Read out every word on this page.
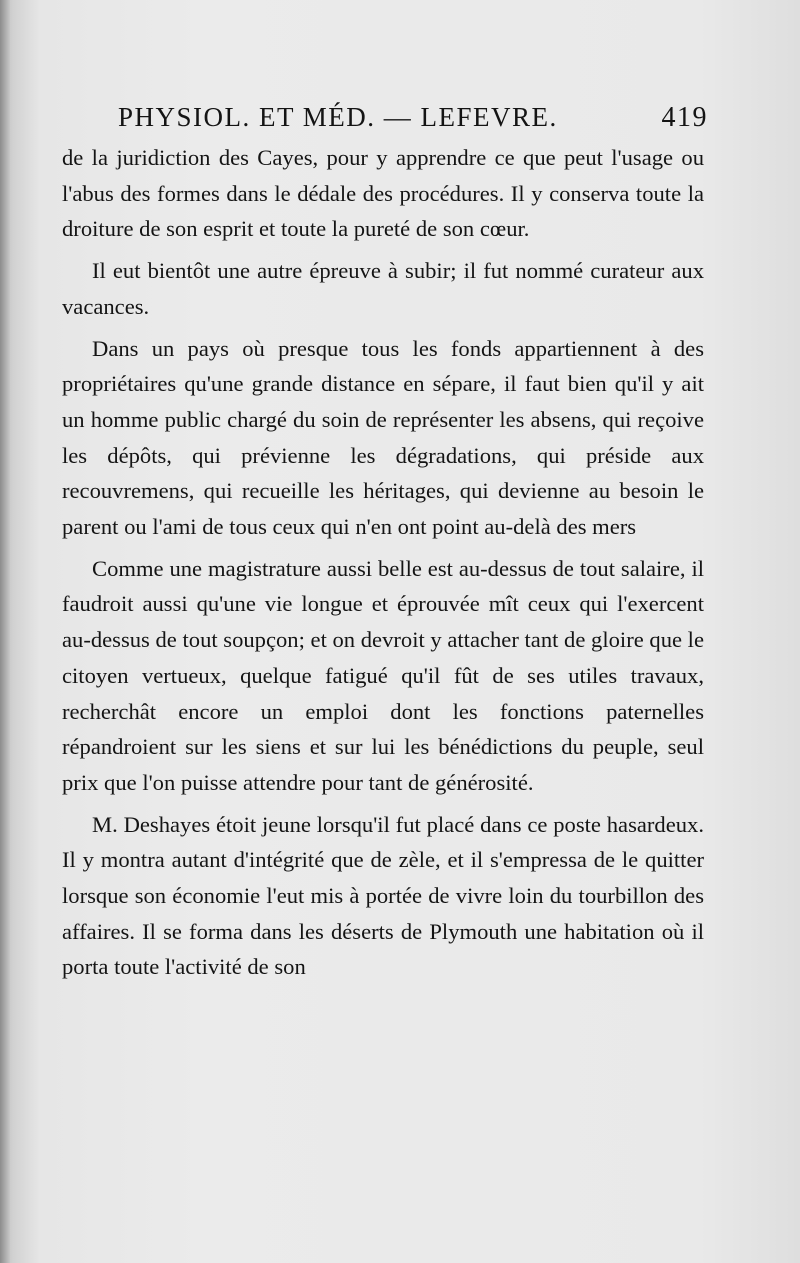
PHYSIOL. ET MÉD. — LEFEVRE.	419

de la juridiction des Cayes, pour y apprendre ce que peut l'usage ou l'abus des formes dans le dédale des procédures. Il y conserva toute la droiture de son esprit et toute la pureté de son cœur.

Il eut bientôt une autre épreuve à subir; il fut nommé curateur aux vacances.

Dans un pays où presque tous les fonds appartiennent à des propriétaires qu'une grande distance en sépare, il faut bien qu'il y ait un homme public chargé du soin de représenter les absens, qui reçoive les dépôts, qui prévienne les dégradations, qui préside aux recouvremens, qui recueille les héritages, qui devienne au besoin le parent ou l'ami de tous ceux qui n'en ont point au-delà des mers

Comme une magistrature aussi belle est au-dessus de tout salaire, il faudroit aussi qu'une vie longue et éprouvée mît ceux qui l'exercent au-dessus de tout soupçon; et on devroit y attacher tant de gloire que le citoyen vertueux, quelque fatigué qu'il fût de ses utiles travaux, recherchât encore un emploi dont les fonctions paternelles répandroient sur les siens et sur lui les bénédictions du peuple, seul prix que l'on puisse attendre pour tant de générosité.

M. Deshayes étoit jeune lorsqu'il fut placé dans ce poste hasardeux. Il y montra autant d'intégrité que de zèle, et il s'empressa de le quitter lorsque son économie l'eut mis à portée de vivre loin du tourbillon des affaires. Il se forma dans les déserts de Plymouth une habitation où il porta toute l'activité de son
